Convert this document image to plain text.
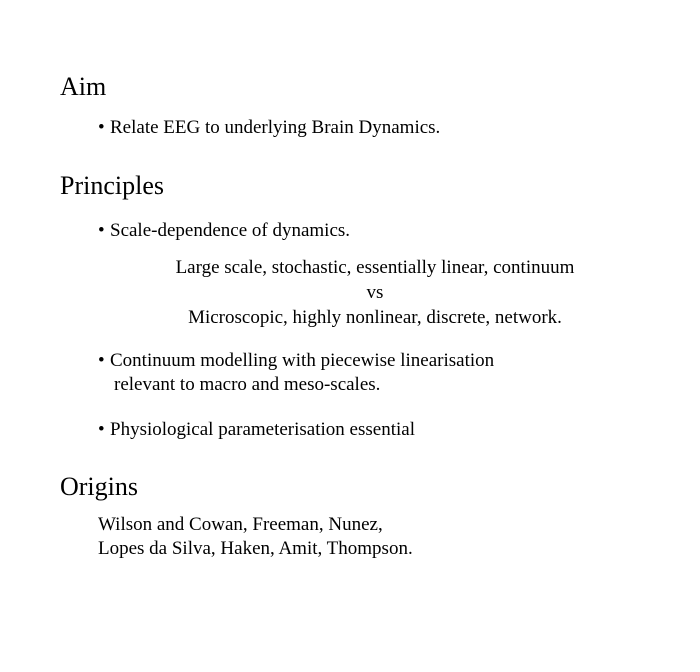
Aim
• Relate EEG to underlying Brain Dynamics.
Principles
• Scale-dependence of dynamics.
Large scale, stochastic, essentially linear, continuum
vs
Microscopic, highly nonlinear, discrete, network.
• Continuum modelling with piecewise linearisation
relevant to macro and meso-scales.
• Physiological parameterisation essential
Origins
Wilson and Cowan, Freeman, Nunez,
Lopes da Silva, Haken, Amit, Thompson.
